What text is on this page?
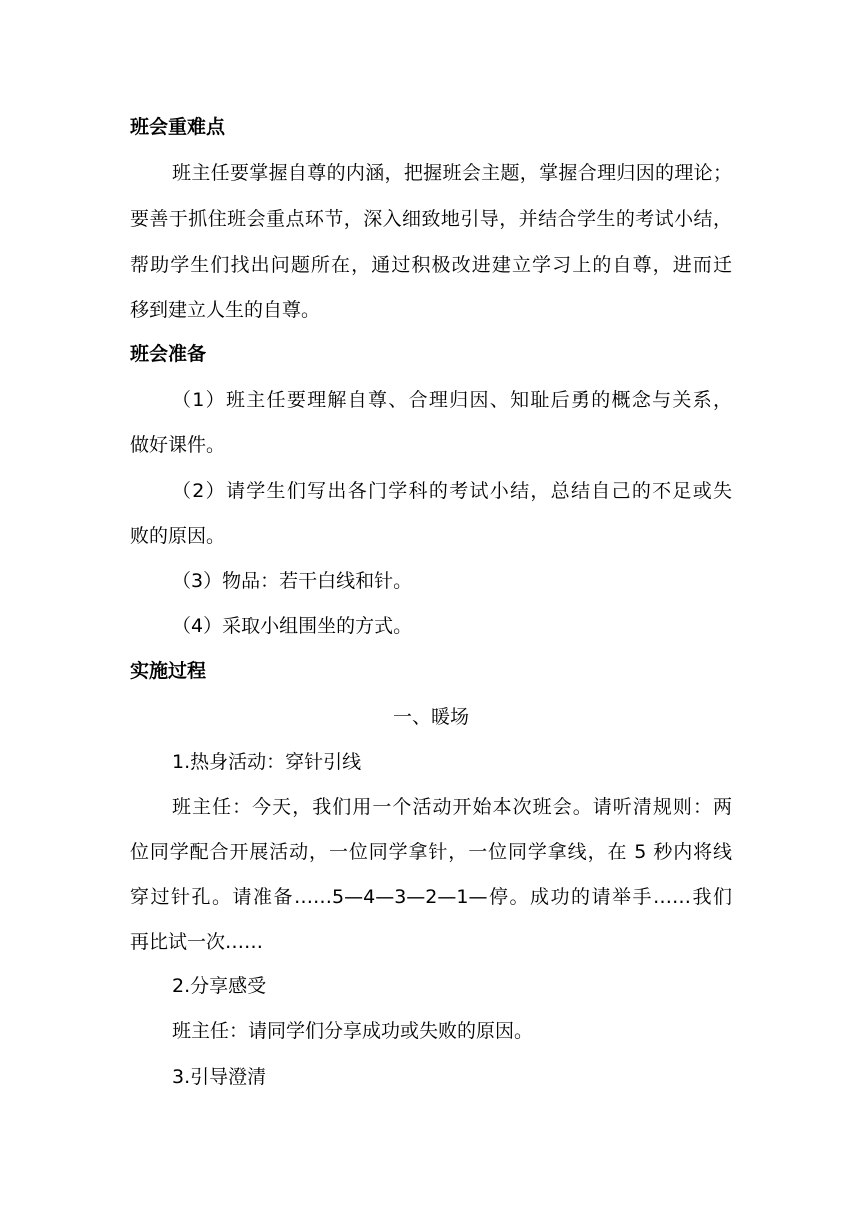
班会重难点
班主任要掌握自尊的内涵，把握班会主题，掌握合理归因的理论；
要善于抓住班会重点环节，深入细致地引导，并结合学生的考试小结，
帮助学生们找出问题所在，通过积极改进建立学习上的自尊，进而迁
移到建立人生的自尊。
班会准备
（1）班主任要理解自尊、合理归因、知耻后勇的概念与关系，
做好课件。
（2）请学生们写出各门学科的考试小结，总结自己的不足或失
败的原因。
（3）物品：若干白线和针。
（4）采取小组围坐的方式。
实施过程
一、暖场
1.热身活动：穿针引线
班主任：今天，我们用一个活动开始本次班会。请听清规则：两
位同学配合开展活动，一位同学拿针，一位同学拿线，在 5 秒内将线
穿过针孔。请准备……5—4—3—2—1—停。成功的请举手……我们
再比试一次……
2.分享感受
班主任：请同学们分享成功或失败的原因。
3.引导澄清
